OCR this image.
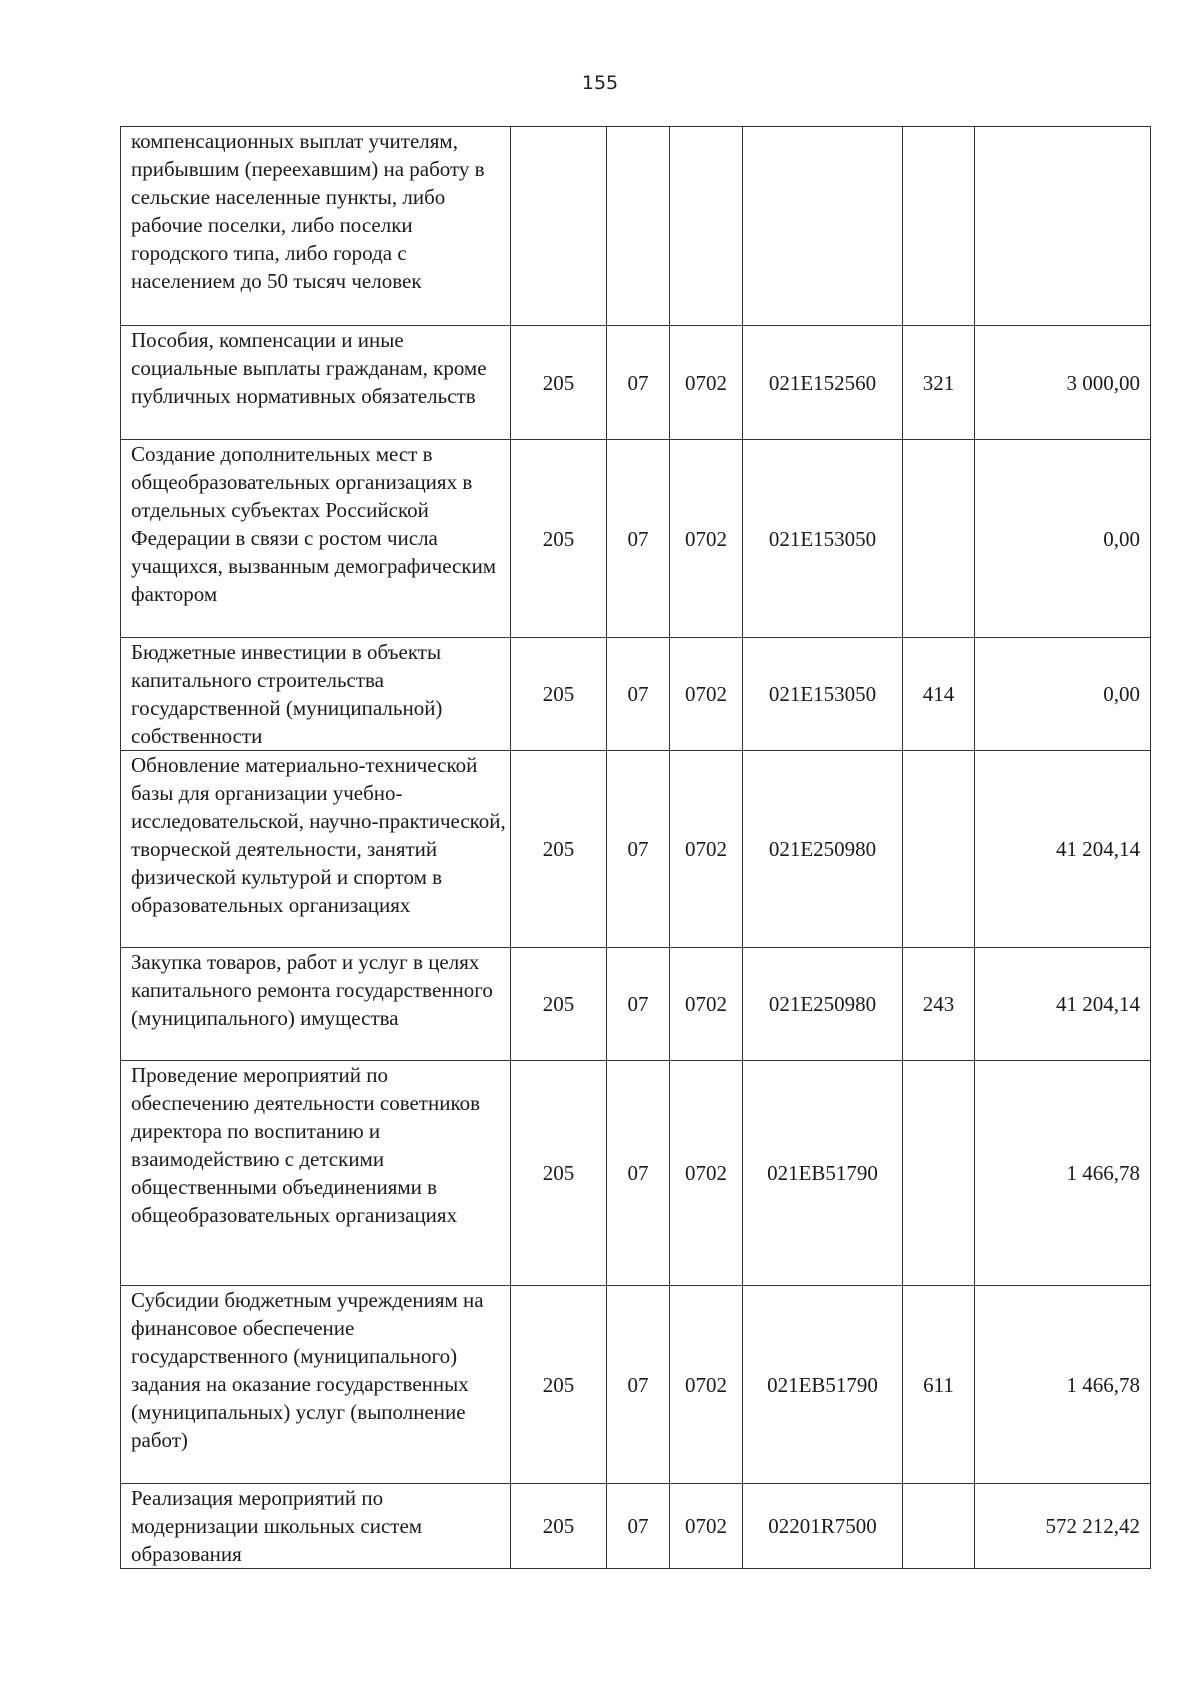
155
компенсационных выплат учителям, прибывшим (переехавшим) на работу в сельские населенные пункты, либо рабочие поселки, либо поселки городского типа, либо города с населением до 50 тысяч человек						
Пособия, компенсации и иные социальные выплаты гражданам, кроме публичных нормативных обязательств	205	07	0702	021Е152560	321	3 000,00
Создание дополнительных мест в общеобразовательных организациях в отдельных субъектах Российской Федерации в связи с ростом числа учащихся, вызванным демографическим фактором	205	07	0702	021Е153050		0,00
Бюджетные инвестиции в объекты капитального строительства государственной (муниципальной) собственности	205	07	0702	021Е153050	414	0,00
Обновление материально-технической базы для организации учебно-исследовательской, научно-практической, творческой деятельности, занятий физической культурой и спортом в образовательных организациях	205	07	0702	021Е250980		41 204,14
Закупка товаров, работ и услуг в целях капитального ремонта государственного (муниципального) имущества	205	07	0702	021Е250980	243	41 204,14
Проведение мероприятий по обеспечению деятельности советников директора по воспитанию и взаимодействию с детскими общественными объединениями в общеобразовательных организациях	205	07	0702	021ЕВ51790		1 466,78
Субсидии бюджетным учреждениям на финансовое обеспечение государственного (муниципального) задания на оказание государственных (муниципальных) услуг (выполнение работ)	205	07	0702	021ЕВ51790	611	1 466,78
Реализация мероприятий по модернизации школьных систем образования	205	07	0702	02201R7500		572 212,42
